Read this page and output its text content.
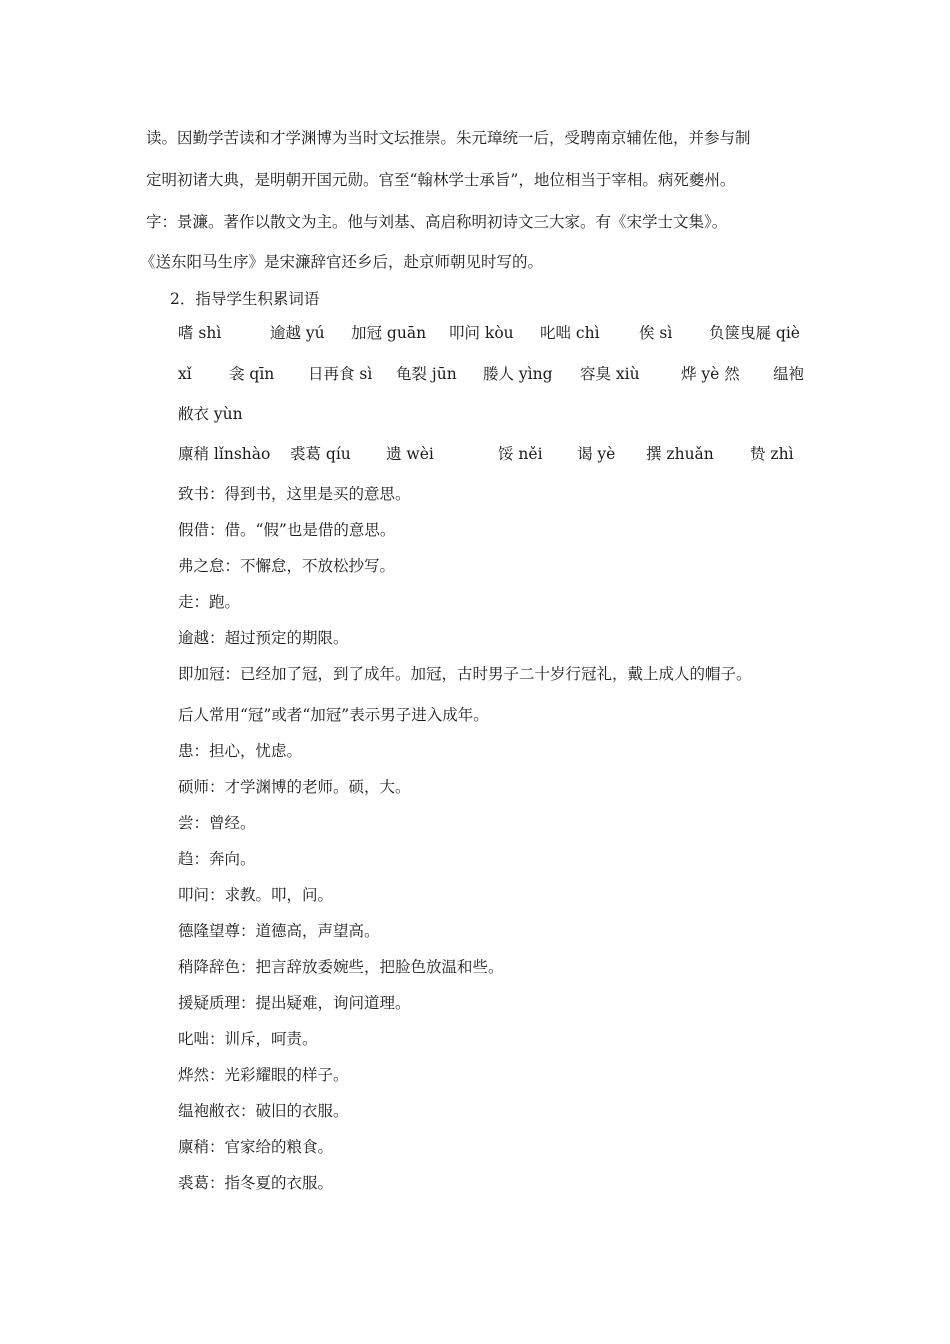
读。因勤学苦读和才学渊博为当时文坛推崇。朱元璋统一后，受聘南京辅佐他，并参与制
定明初诸大典，是明朝开国元勋。官至“翰林学士承旨”，地位相当于宰相。病死夔州。
字：景濂。著作以散文为主。他与刘基、高启称明初诗文三大家。有《宋学士文集》。
《送东阳马生序》是宋濂辞官还乡后，赴京师朝见时写的。
2．指导学生积累词语
嗜 shì	逾越 yú 加冠 guān 叩问 kòu 叱咄 chì	俟 sì 负箧曳屣 qiè
xǐ 衾 qīn 日再食 sì 龟裂 jūn 媵人 yìng 容臭 xiù	烨 yè 然 缊袍
敝衣 yùn
廪稍 lǐnshào 裘葛 qíu 遗 wèi	馁 něi 谒 yè 撰 zhuǎn 贽 zhì
致书：得到书，这里是买的意思。
假借：借。“假”也是借的意思。
弗之怠：不懈怠，不放松抄写。
走：跑。
逾越：超过预定的期限。
即加冠：已经加了冠，到了成年。加冠，古时男子二十岁行冠礼，戴上成人的帽子。
后人常用“冠”或者“加冠”表示男子进入成年。
患：担心，忧虑。
硕师：才学渊博的老师。硕，大。
尝：曾经。
趋：奔向。
叩问：求教。叩，问。
德隆望尊：道德高，声望高。
稍降辞色：把言辞放委婉些，把脸色放温和些。
援疑质理：提出疑难，询问道理。
叱咄：训斥，呵责。
烨然：光彩耀眼的样子。
缊袍敝衣：破旧的衣服。
廪稍：官家给的粮食。
裘葛：指冬夏的衣服。
